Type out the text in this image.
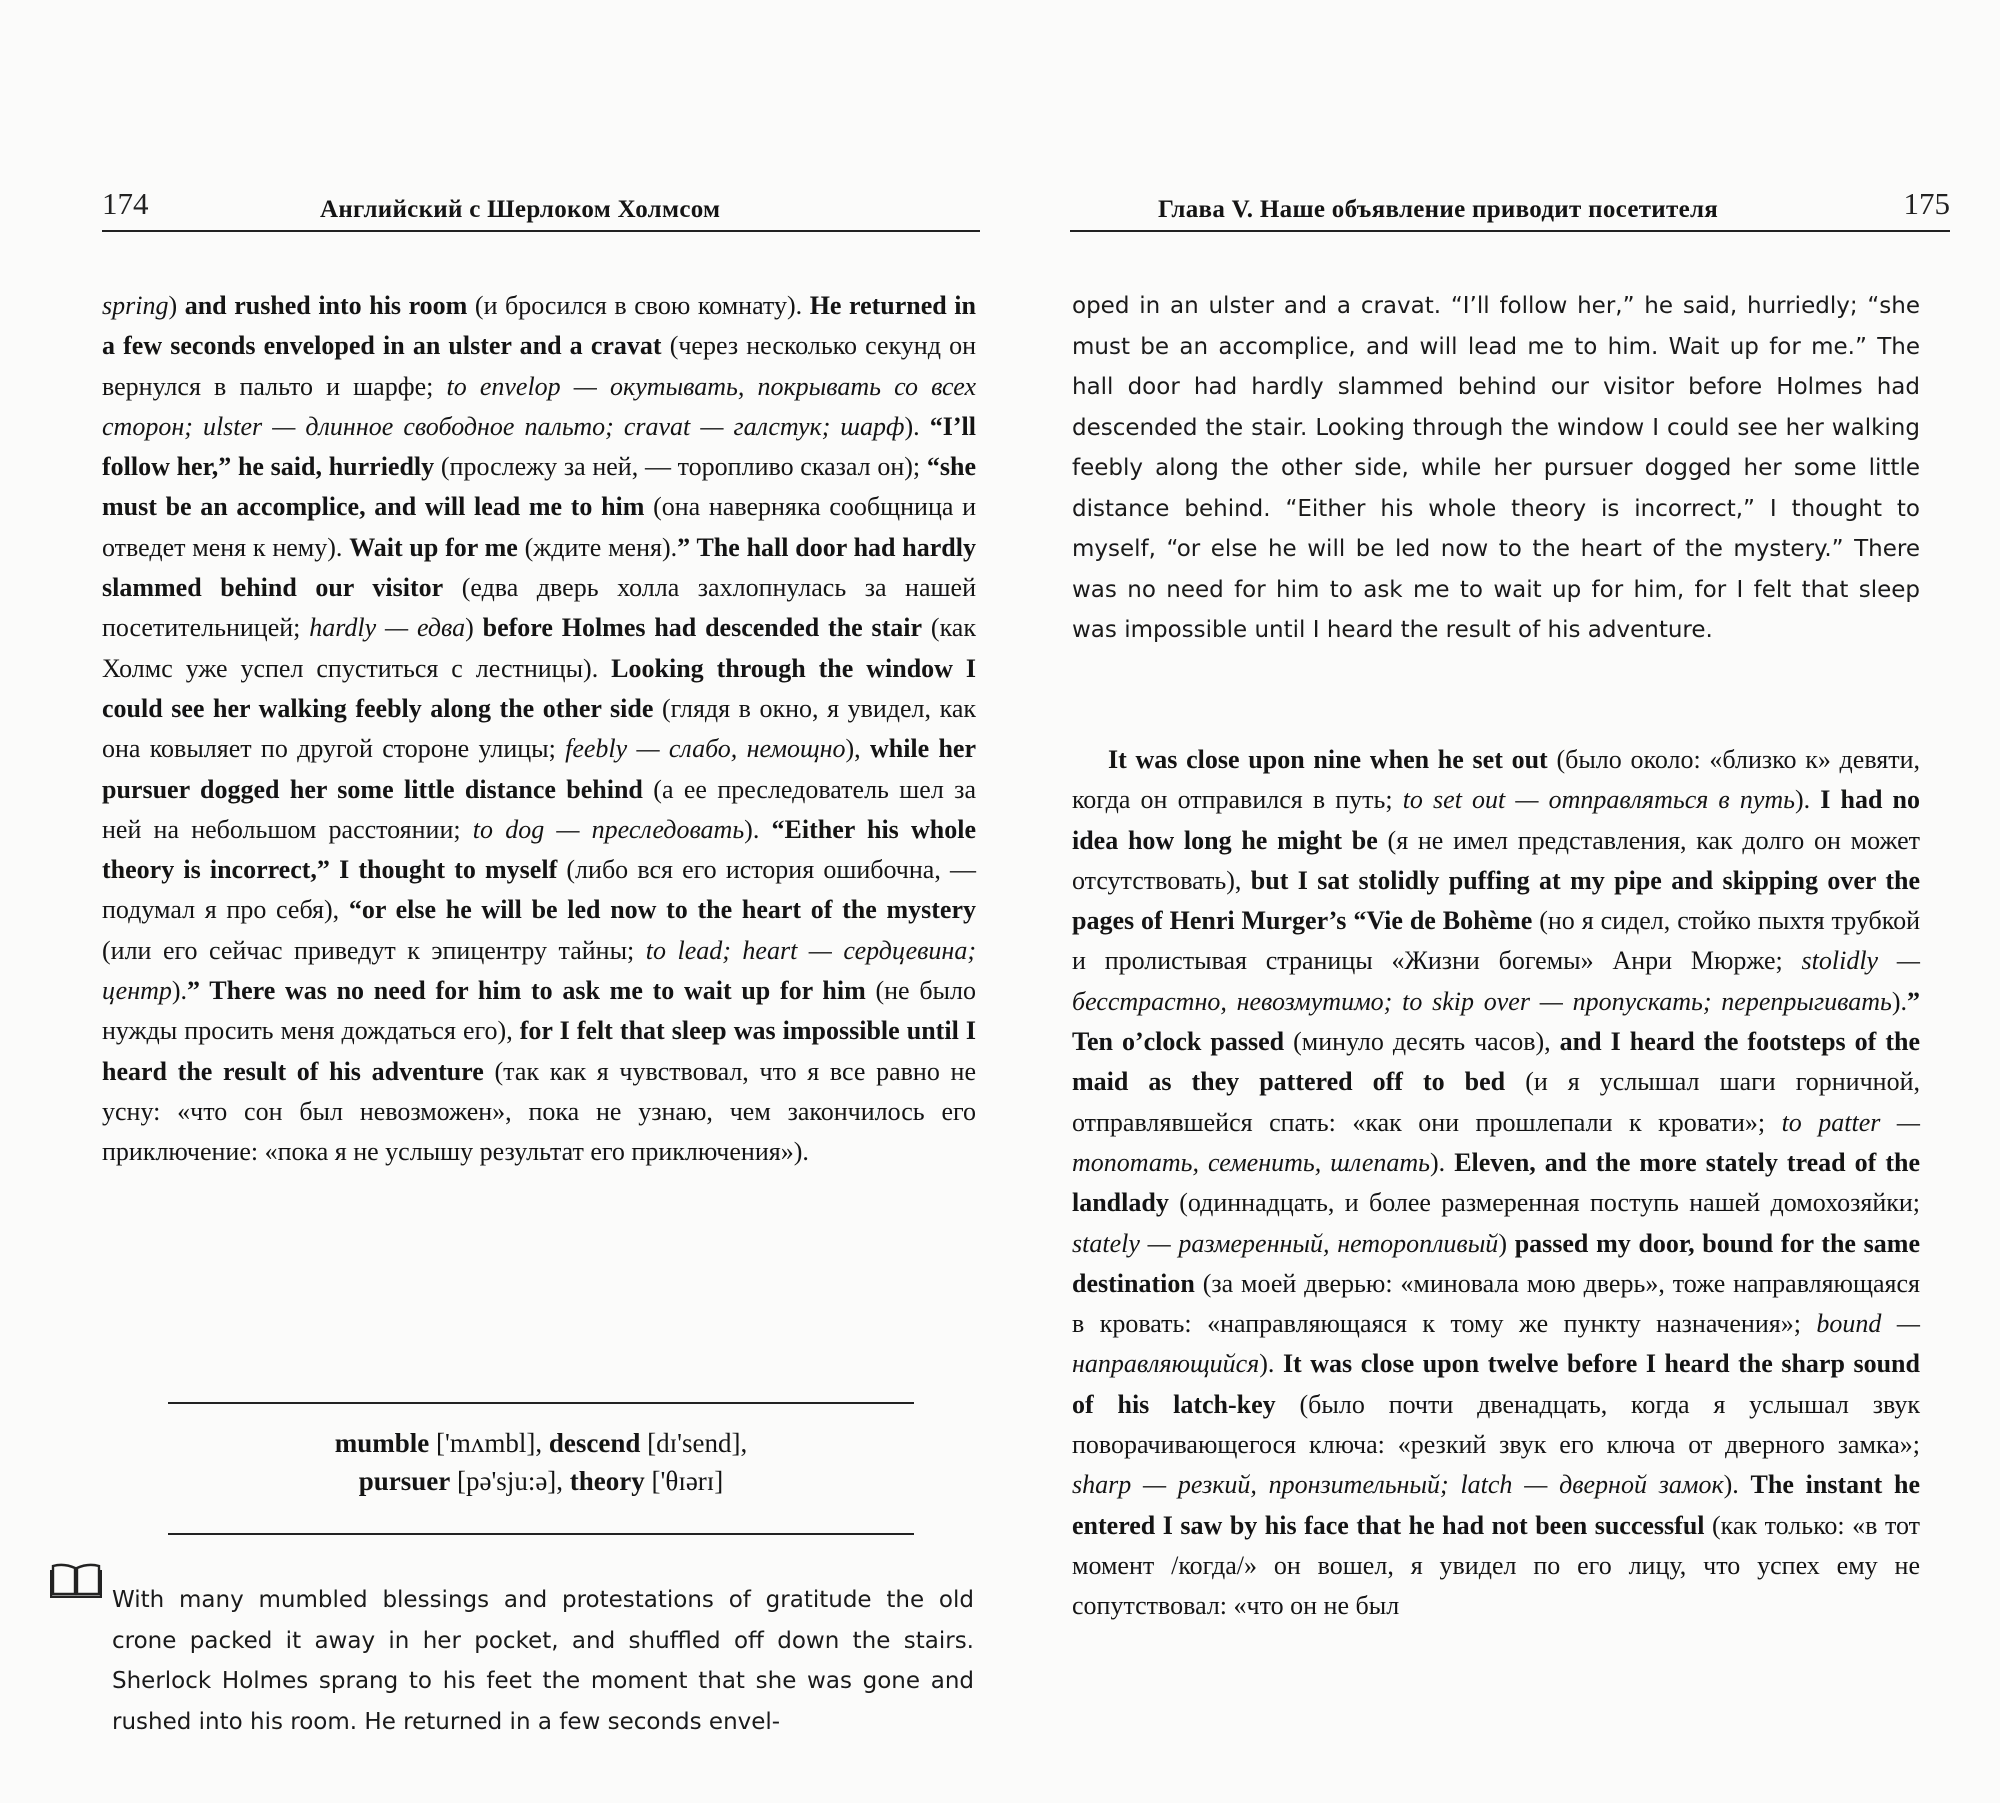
174	Английский с Шерлоком Холмсом
spring) and rushed into his room (и бросился в свою комнату). He returned in a few seconds enveloped in an ulster and a cravat (через несколько секунд он вернулся в пальто и шарфе; to envelop — окутывать, покрывать со всех сторон; ulster — длинное свободное пальто; cravat — галстук; шарф). “I’ll follow her,” he said, hurriedly (прослежу за ней, — торопливо сказал он); “she must be an accomplice, and will lead me to him (она наверняка сообщница и отведет меня к нему). Wait up for me (ждите меня).” The hall door had hardly slammed behind our visitor (едва дверь холла захлопнулась за нашей посетительницей; hardly — едва) before Holmes had descended the stair (как Холмс уже успел спуститься с лестницы). Looking through the window I could see her walking feebly along the other side (глядя в окно, я увидел, как она ковыляет по другой стороне улицы; feebly — слабо, немощно), while her pursuer dogged her some little distance behind (а ее преследователь шел за ней на небольшом расстоянии; to dog — преследовать). “Either his whole theory is incorrect,” I thought to myself (либо вся его история ошибочна, — подумал я про себя), “or else he will be led now to the heart of the mystery (или его сейчас приведут к эпицентру тайны; to lead; heart — сердцевина; центр).” There was no need for him to ask me to wait up for him (не было нужды просить меня дождаться его), for I felt that sleep was impossible until I heard the result of his adventure (так как я чувствовал, что я все равно не усну: «что сон был невозможен», пока не узнаю, чем закончилось его приключение: «пока я не услышу результат его приключения»).
mumble ['mʌmbl], descend [dɪ'send],
pursuer [pə'sju:ə], theory ['θɪərɪ]
With many mumbled blessings and protestations of gratitude the old crone packed it away in her pocket, and shuffled off down the stairs. Sherlock Holmes sprang to his feet the moment that she was gone and rushed into his room. He returned in a few seconds envel-
Глава V. Наше объявление приводит посетителя	175
oped in an ulster and a cravat. “I’ll follow her,” he said, hurriedly; “she must be an accomplice, and will lead me to him. Wait up for me.” The hall door had hardly slammed behind our visitor before Holmes had descended the stair. Looking through the window I could see her walking feebly along the other side, while her pursuer dogged her some little distance behind. “Either his whole theory is incorrect,” I thought to myself, “or else he will be led now to the heart of the mystery.” There was no need for him to ask me to wait up for him, for I felt that sleep was impossible until I heard the result of his adventure.
It was close upon nine when he set out (было около: «близко к» девяти, когда он отправился в путь; to set out — отправляться в путь). I had no idea how long he might be (я не имел представления, как долго он может отсутствовать), but I sat stolidly puffing at my pipe and skipping over the pages of Henri Murger’s “Vie de Bohème (но я сидел, стойко пыхтя трубкой и пролистывая страницы «Жизни богемы» Анри Мюрже; stolidly — бесстрастно, невозмутимо; to skip over — пропускать; перепрыгивать).” Ten o’clock passed (минуло десять часов), and I heard the footsteps of the maid as they pattered off to bed (и я услышал шаги горничной, отправлявшейся спать: «как они прошлепали к кровати»; to patter — топотать, семенить, шлепать). Eleven, and the more stately tread of the landlady (одиннадцать, и более размеренная поступь нашей домохозяйки; stately — размеренный, неторопливый) passed my door, bound for the same destination (за моей дверью: «миновала мою дверь», тоже направляющаяся в кровать: «направляющаяся к тому же пункту назначения»; bound — направляющийся). It was close upon twelve before I heard the sharp sound of his latch-key (было почти двенадцать, когда я услышал звук поворачивающегося ключа: «резкий звук его ключа от дверного замка»; sharp — резкий, пронзительный; latch — дверной замок). The instant he entered I saw by his face that he had not been successful (как только: «в тот момент /когда/» он вошел, я увидел по его лицу, что успех ему не сопутствовал: «что он не был
